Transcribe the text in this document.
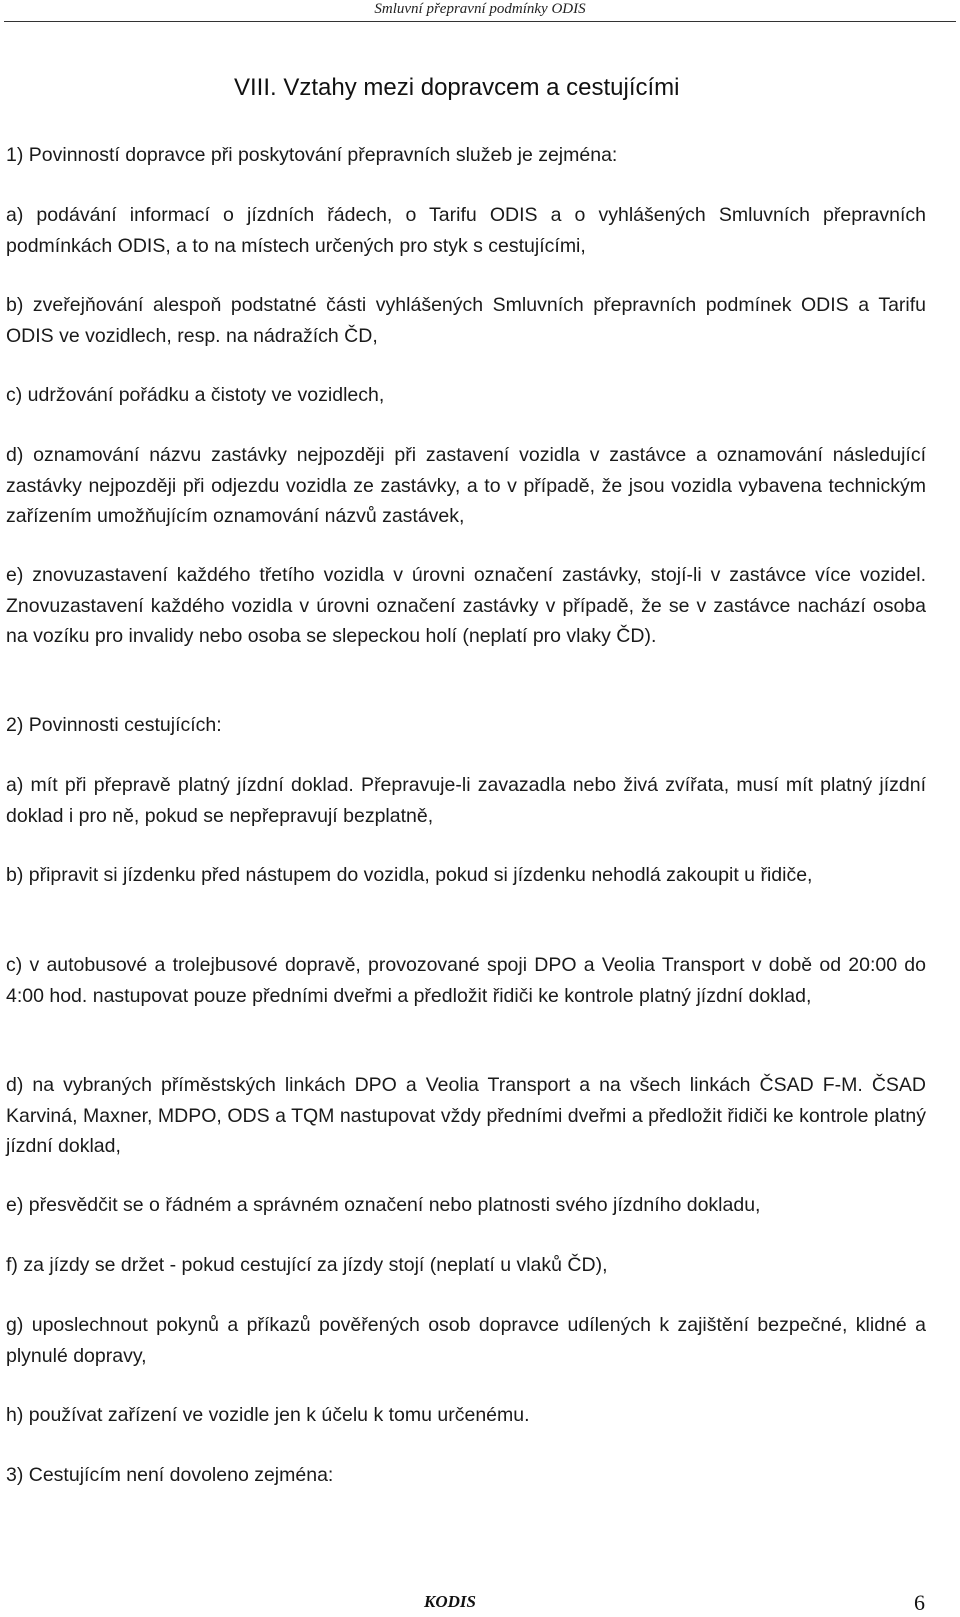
Smluvní přepravní podmínky ODIS
VIII. Vztahy mezi dopravcem a cestujícími

1) Povinností dopravce při poskytování přepravních služeb je zejména:

a) podávání informací o jízdních řádech, o Tarifu ODIS a o vyhlášených Smluvních přepravních podmínkách ODIS, a to na místech určených pro styk s cestujícími,

b) zveřejňování alespoň podstatné části vyhlášených Smluvních přepravních podmínek ODIS a Tarifu ODIS ve vozidlech, resp. na nádražích ČD,

c) udržování pořádku a čistoty ve vozidlech,

d) oznamování názvu zastávky nejpozději při zastavení vozidla v zastávce a oznamování následující zastávky nejpozději při odjezdu vozidla ze zastávky, a to v případě, že jsou vozidla vybavena technickým zařízením umožňujícím oznamování názvů zastávek,

e) znovuzastavení každého třetího vozidla v úrovni označení zastávky, stojí-li v zastávce více vozidel. Znovuzastavení každého vozidla v úrovni označení zastávky v případě, že se v zastávce nachází osoba na vozíku pro invalidy nebo osoba se slepeckou holí (neplatí pro vlaky ČD).

2) Povinnosti cestujících:

a) mít při přepravě platný jízdní doklad. Přepravuje-li zavazadla nebo živá zvířata, musí mít platný jízdní doklad i pro ně, pokud se nepřepravují bezplatně,

b) připravit si jízdenku před nástupem do vozidla, pokud si jízdenku nehodlá zakoupit u řidiče,

c) v autobusové a trolejbusové dopravě, provozované spoji DPO a Veolia Transport v době od 20:00 do 4:00 hod. nastupovat pouze předními dveřmi a předložit řidiči ke kontrole platný jízdní doklad,

d) na vybraných příměstských linkách DPO a Veolia Transport a na všech linkách ČSAD F-M. ČSAD Karviná, Maxner, MDPO, ODS a TQM nastupovat vždy předními dveřmi a předložit řidiči ke kontrole platný jízdní doklad,

e) přesvědčit se o řádném a správném označení nebo platnosti svého jízdního dokladu,

f) za jízdy se držet - pokud cestující za jízdy stojí (neplatí u vlaků ČD),

g) uposlechnout pokynů a příkazů pověřených osob dopravce udílených k zajištění bezpečné, klidné a plynulé dopravy,

h) používat zařízení ve vozidle jen k účelu k tomu určenému.

3) Cestujícím není dovoleno zejména:

KODIS	6
